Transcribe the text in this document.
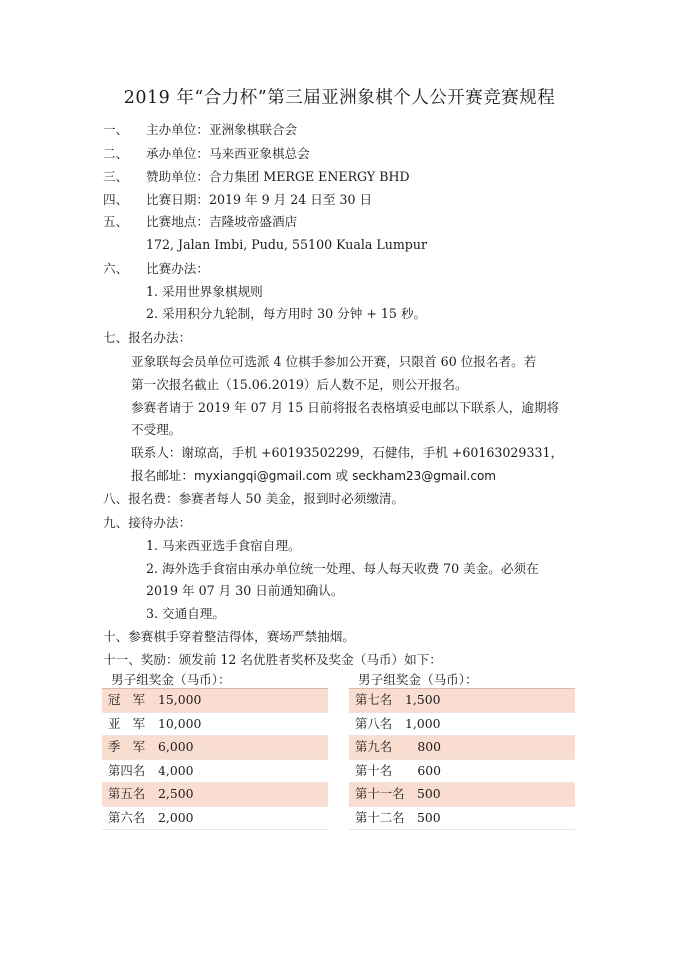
2019 年“合力杯”第三届亚洲象棋个人公开赛竞赛规程
一、 主办单位：亚洲象棋联合会
二、 承办单位：马来西亚象棋总会
三、 赞助单位：合力集团 MERGE ENERGY BHD
四、 比赛日期：2019 年 9 月 24 日至 30 日
五、 比赛地点：吉隆坡帝盛酒店
172, Jalan Imbi, Pudu, 55100 Kuala Lumpur
六、 比赛办法：
1. 采用世界象棋规则
2. 采用积分九轮制，每方用时 30 分钟 + 15 秒。
七、报名办法：
亚象联每会员单位可选派 4 位棋手参加公开赛，只限首 60 位报名者。若
第一次报名截止（15.06.2019）后人数不足，则公开报名。
参赛者请于 2019 年 07 月 15 日前将报名表格填妥电邮以下联系人，逾期将
不受理。
联系人：谢琼高，手机 +60193502299，石健伟，手机 +60163029331，
报名邮址：myxiangqi@gmail.com 或 seckham23@gmail.com
八、报名费：参赛者每人 50 美金，报到时必须缴清。
九、接待办法：
1. 马来西亚选手食宿自理。
2. 海外选手食宿由承办单位统一处理、每人每天收费 70 美金。必须在
2019 年 07 月 30 日前通知确认。
3. 交通自理。
十、参赛棋手穿着整洁得体，赛场严禁抽烟。
十一、奖励：颁发前 12 名优胜者奖杯及奖金（马币）如下：
男子组奖金（马币）：
冠　军 15,000
亚　军 10,000
季　军 6,000
第四名 4,000
第五名 2,500
第六名 2,000
男子组奖金（马币）：
第七名 1,500
第八名 1,000
第九名　800
第十名　600
第十一名 500
第十二名 500
